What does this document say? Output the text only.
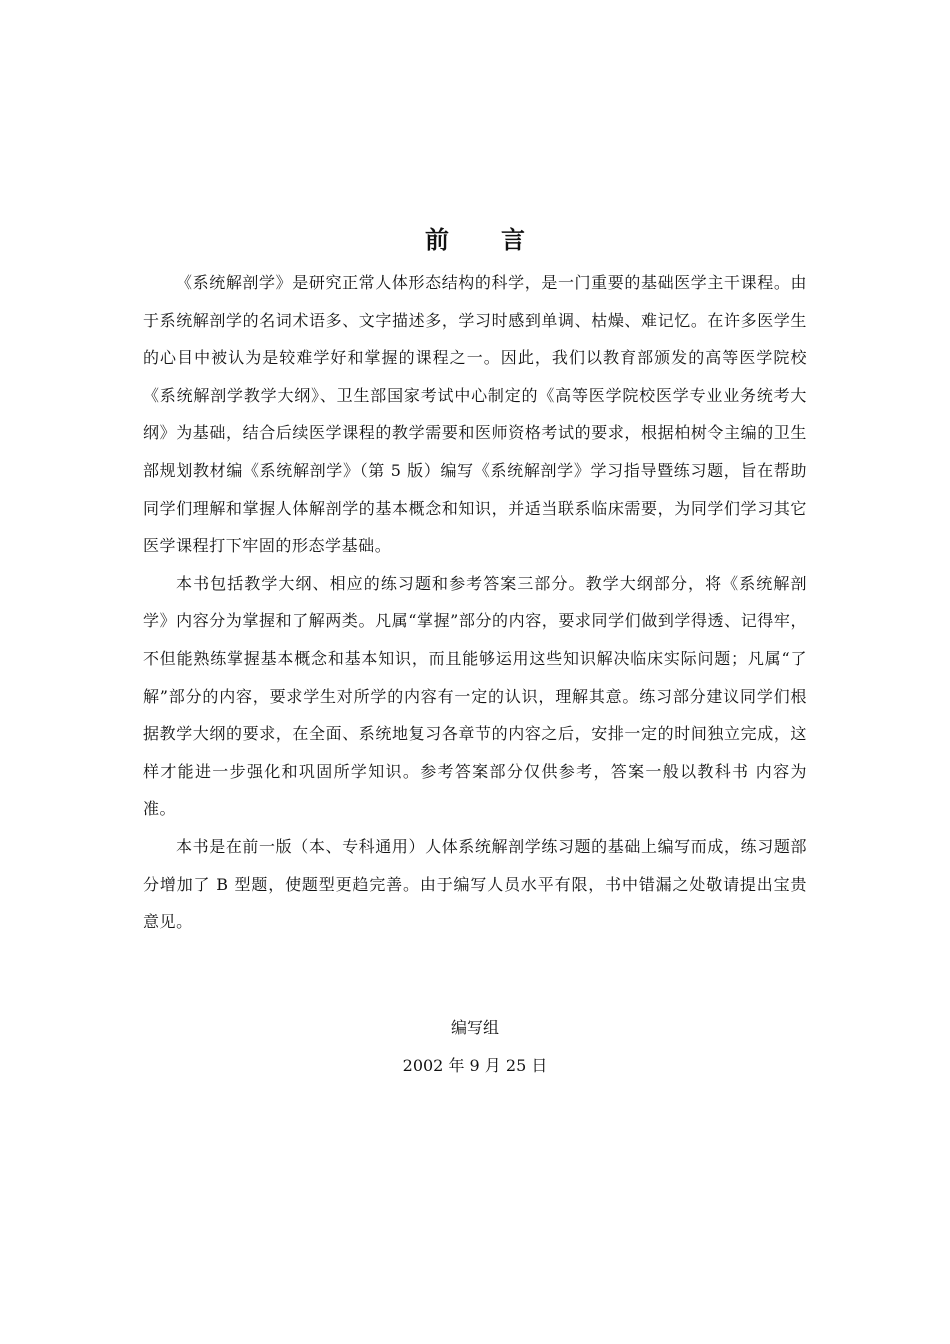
前言

《系统解剖学》是研究正常人体形态结构的科学，是一门重要的基础医学主干课程。由于系统解剖学的名词术语多、文字描述多，学习时感到单调、枯燥、难记忆。在许多医学生的心目中被认为是较难学好和掌握的课程之一。因此，我们以教育部颁发的高等医学院校《系统解剖学教学大纲》、卫生部国家考试中心制定的《高等医学院校医学专业业务统考大纲》为基础，结合后续医学课程的教学需要和医师资格考试的要求，根据柏树令主编的卫生部规划教材编《系统解剖学》（第 5 版）编写《系统解剖学》学习指导暨练习题，旨在帮助同学们理解和掌握人体解剖学的基本概念和知识，并适当联系临床需要，为同学们学习其它医学课程打下牢固的形态学基础。

本书包括教学大纲、相应的练习题和参考答案三部分。教学大纲部分，将《系统解剖学》内容分为掌握和了解两类。凡属“掌握”部分的内容，要求同学们做到学得透、记得牢，不但能熟练掌握基本概念和基本知识，而且能够运用这些知识解决临床实际问题；凡属“了解”部分的内容，要求学生对所学的内容有一定的认识，理解其意。练习部分建议同学们根据教学大纲的要求，在全面、系统地复习各章节的内容之后，安排一定的时间独立完成，这样才能进一步强化和巩固所学知识。参考答案部分仅供参考，答案一般以教科书 内容为准。

本书是在前一版（本、专科通用）人体系统解剖学练习题的基础上编写而成，练习题部分增加了 B 型题，使题型更趋完善。由于编写人员水平有限，书中错漏之处敬请提出宝贵意见。

编写组
2002 年 9 月 25 日
